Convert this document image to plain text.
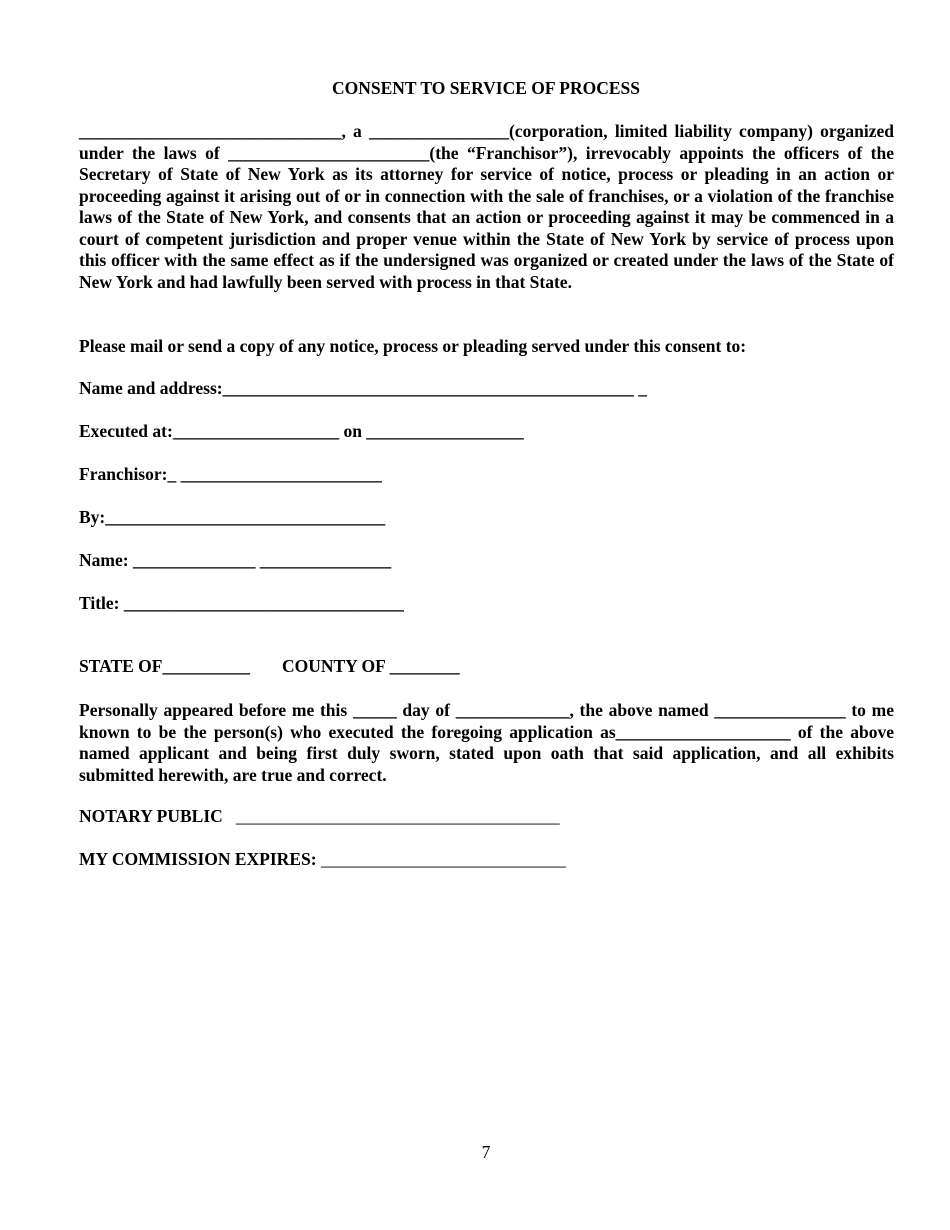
CONSENT TO SERVICE OF PROCESS

______________________________, a ________________(corporation, limited liability company) organized under the laws of _______________________(the “Franchisor”), irrevocably appoints the officers of the Secretary of State of New York as its attorney for service of notice, process or pleading in an action or proceeding against it arising out of or in connection with the sale of franchises, or a violation of the franchise laws of the State of New York, and consents that an action or proceeding against it may be commenced in a court of competent jurisdiction and proper venue within the State of New York by service of process upon this officer with the same effect as if the undersigned was organized or created under the laws of the State of New York and had lawfully been served with process in that State.

Please mail or send a copy of any notice, process or pleading served under this consent to:

Name and address:_______________________________________________ _
Executed at:___________________ on __________________
Franchisor:_ _______________________
By:________________________________
Name: ______________ _______________
Title: ________________________________
STATE OF__________ COUNTY OF ________

Personally appeared before me this _____ day of _____________, the above named _______________ to me known to be the person(s) who executed the foregoing application as____________________ of the above named applicant and being first duly sworn, stated upon oath that said application, and all exhibits submitted herewith, are true and correct.

NOTARY PUBLIC _____________________________________
MY COMMISSION EXPIRES: ____________________________
7
